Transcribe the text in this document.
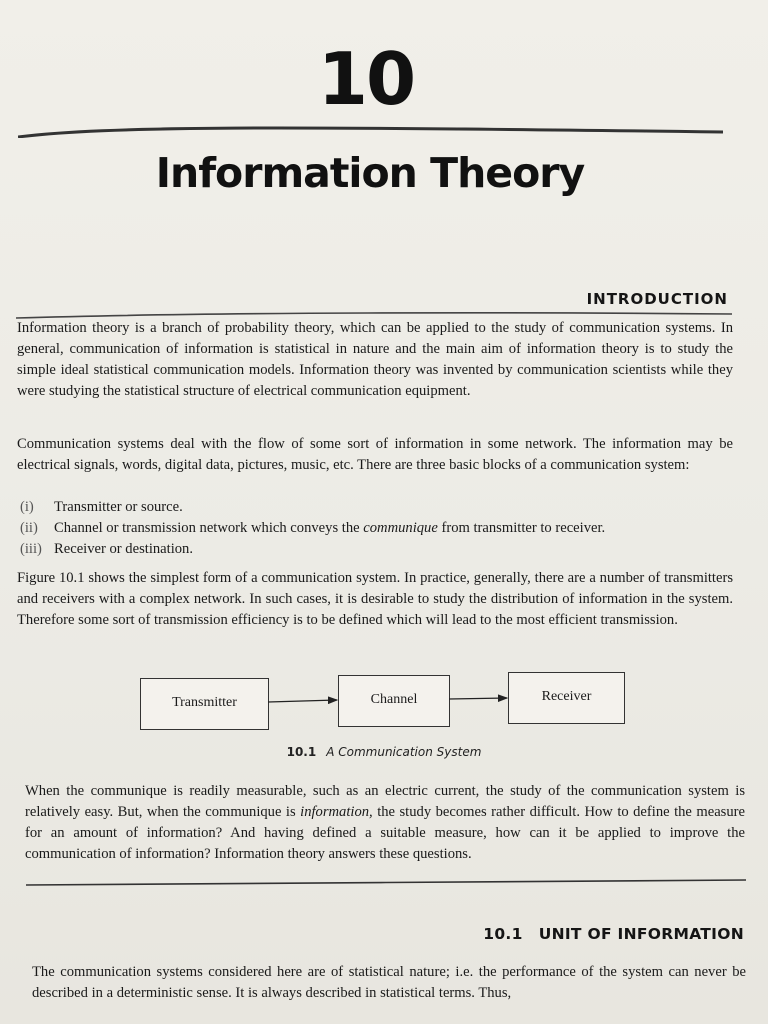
10
Information Theory
INTRODUCTION

Information theory is a branch of probability theory, which can be applied to the study of communication systems. In general, communication of information is statistical in nature and the main aim of information theory is to study the simple ideal statistical communication models. Information theory was invented by communication scientists while they were studying the statistical structure of electrical communication equipment.

Communication systems deal with the flow of some sort of information in some network. The information may be electrical signals, words, digital data, pictures, music, etc. There are three basic blocks of a communication system:

(i) Transmitter or source.
(ii) Channel or transmission network which conveys the communique from transmitter to receiver.
(iii) Receiver or destination.

Figure 10.1 shows the simplest form of a communication system. In practice, generally, there are a number of transmitters and receivers with a complex network. In such cases, it is desirable to study the distribution of information in the system. Therefore some sort of transmission efficiency is to be defined which will lead to the most efficient transmission.

Transmitter	Channel	Receiver
10.1 A Communication System

When the communique is readily measurable, such as an electric current, the study of the communication system is relatively easy. But, when the communique is information, the study becomes rather difficult. How to define the measure for an amount of information? And having defined a suitable measure, how can it be applied to improve the communication of information? Information theory answers these questions.

10.1 UNIT OF INFORMATION

The communication systems considered here are of statistical nature; i.e. the performance of the system can never be described in a deterministic sense. It is always described in statistical terms. Thus,
